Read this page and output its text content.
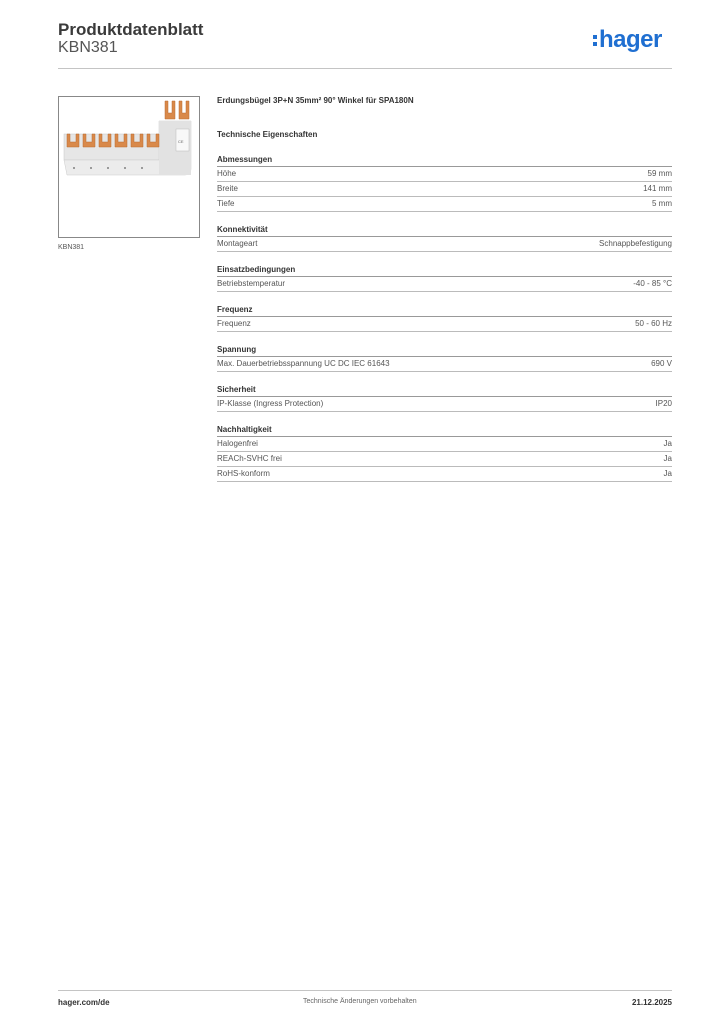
Produktdatenblatt
KBN381	hager
CE
KBN381
Erdungsbügel 3P+N 35mm² 90° Winkel für SPA180N
Technische Eigenschaften
Abmessungen
Höhe	59 mm
Breite	141 mm
Tiefe	5 mm
Konnektivität
Montageart	Schnappbefestigung
Einsatzbedingungen
Betriebstemperatur	-40 - 85 °C
Frequenz
Frequenz	50 - 60 Hz
Spannung
Max. Dauerbetriebsspannung UC DC IEC 61643	690 V
Sicherheit
IP-Klasse (Ingress Protection)	IP20
Nachhaltigkeit
Halogenfrei	Ja
REACh-SVHC frei	Ja
RoHS-konform	Ja
hager.com/de	Technische Änderungen vorbehalten	21.12.2025
